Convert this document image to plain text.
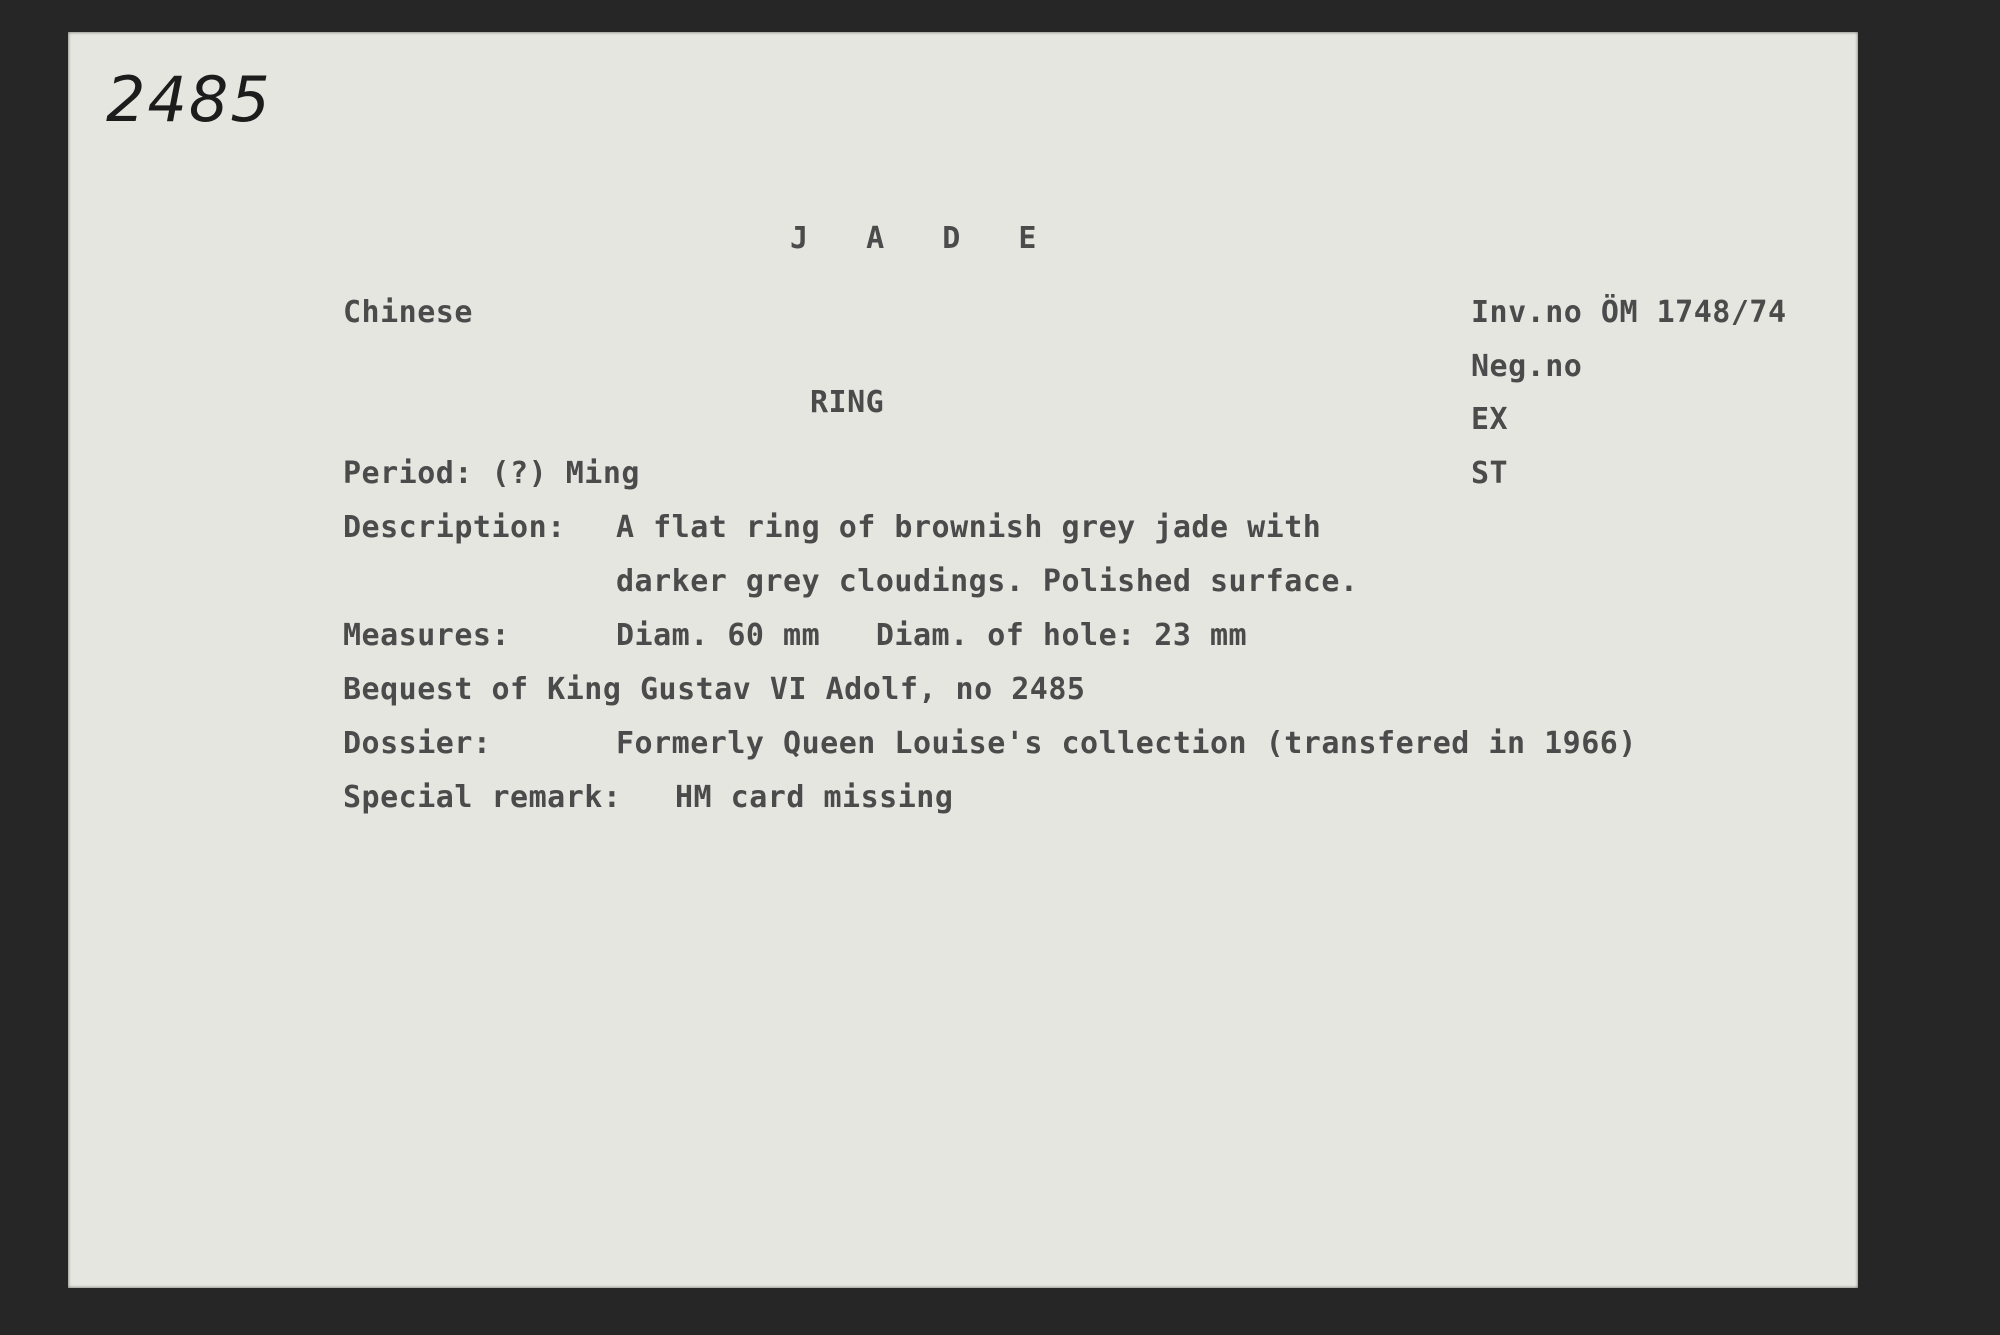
2485
J A D E
Chinese	Inv.no ÖM 1748/74
Neg.no
EX
ST
RING
Period: (?) Ming
Description: A flat ring of brownish grey jade with
darker grey cloudings. Polished surface.
Measures:	Diam. 60 mm   Diam. of hole: 23 mm
Bequest of King Gustav VI Adolf, no 2485
Dossier:	Formerly Queen Louise's collection (transfered in 1966)
Special remark: HM card missing
